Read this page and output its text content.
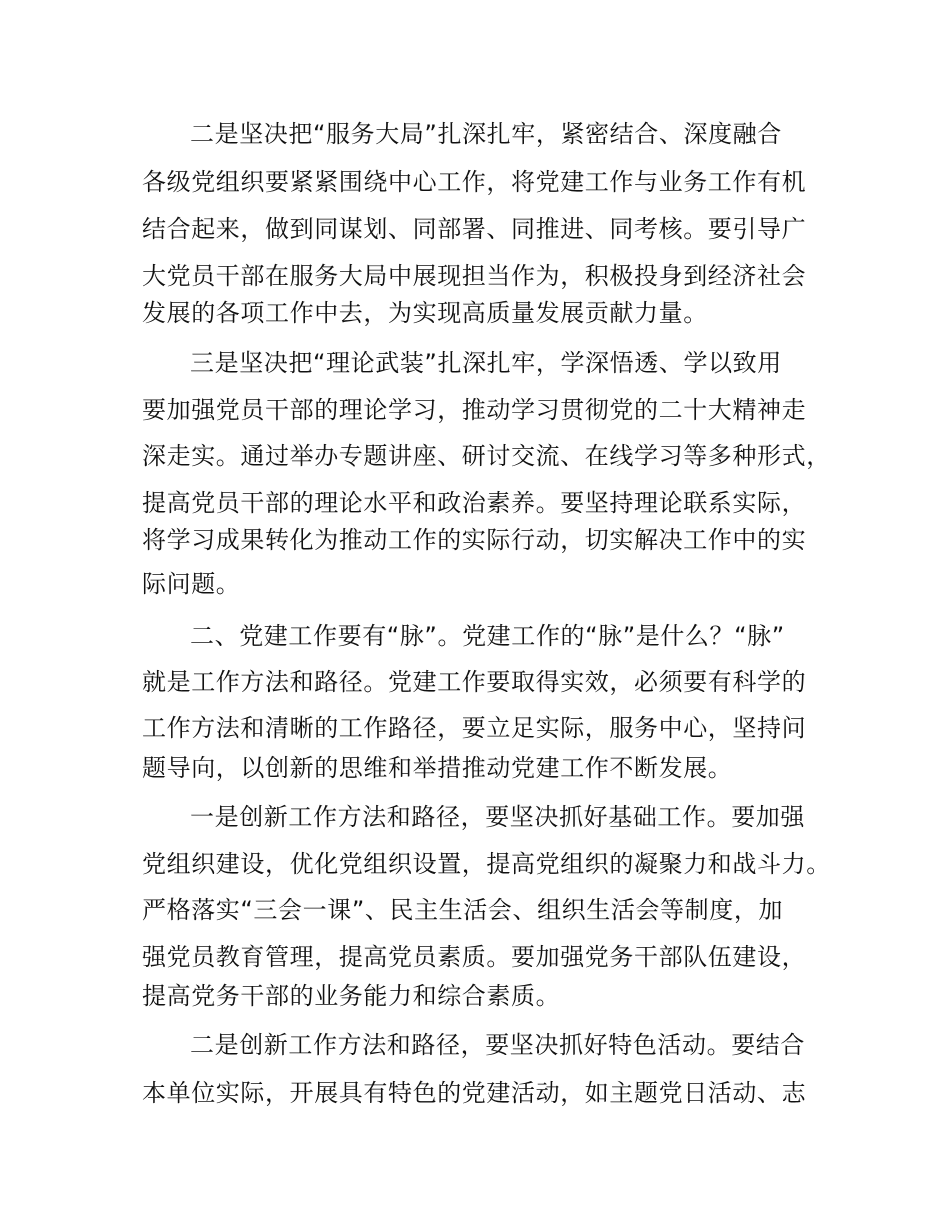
二是坚决把“服务大局”扎深扎牢，紧密结合、深度融合
各级党组织要紧紧围绕中心工作，将党建工作与业务工作有机
结合起来，做到同谋划、同部署、同推进、同考核。要引导广
大党员干部在服务大局中展现担当作为，积极投身到经济社会
发展的各项工作中去，为实现高质量发展贡献力量。
三是坚决把“理论武装”扎深扎牢，学深悟透、学以致用
要加强党员干部的理论学习，推动学习贯彻党的二十大精神走
深走实。通过举办专题讲座、研讨交流、在线学习等多种形式，
提高党员干部的理论水平和政治素养。要坚持理论联系实际，
将学习成果转化为推动工作的实际行动，切实解决工作中的实
际问题。
二、党建工作要有“脉”。党建工作的“脉”是什么？“脉”
就是工作方法和路径。党建工作要取得实效，必须要有科学的
工作方法和清晰的工作路径，要立足实际，服务中心，坚持问
题导向，以创新的思维和举措推动党建工作不断发展。
一是创新工作方法和路径，要坚决抓好基础工作。要加强
党组织建设，优化党组织设置，提高党组织的凝聚力和战斗力。
严格落实“三会一课”、民主生活会、组织生活会等制度，加
强党员教育管理，提高党员素质。要加强党务干部队伍建设，
提高党务干部的业务能力和综合素质。
二是创新工作方法和路径，要坚决抓好特色活动。要结合
本单位实际，开展具有特色的党建活动，如主题党日活动、志
